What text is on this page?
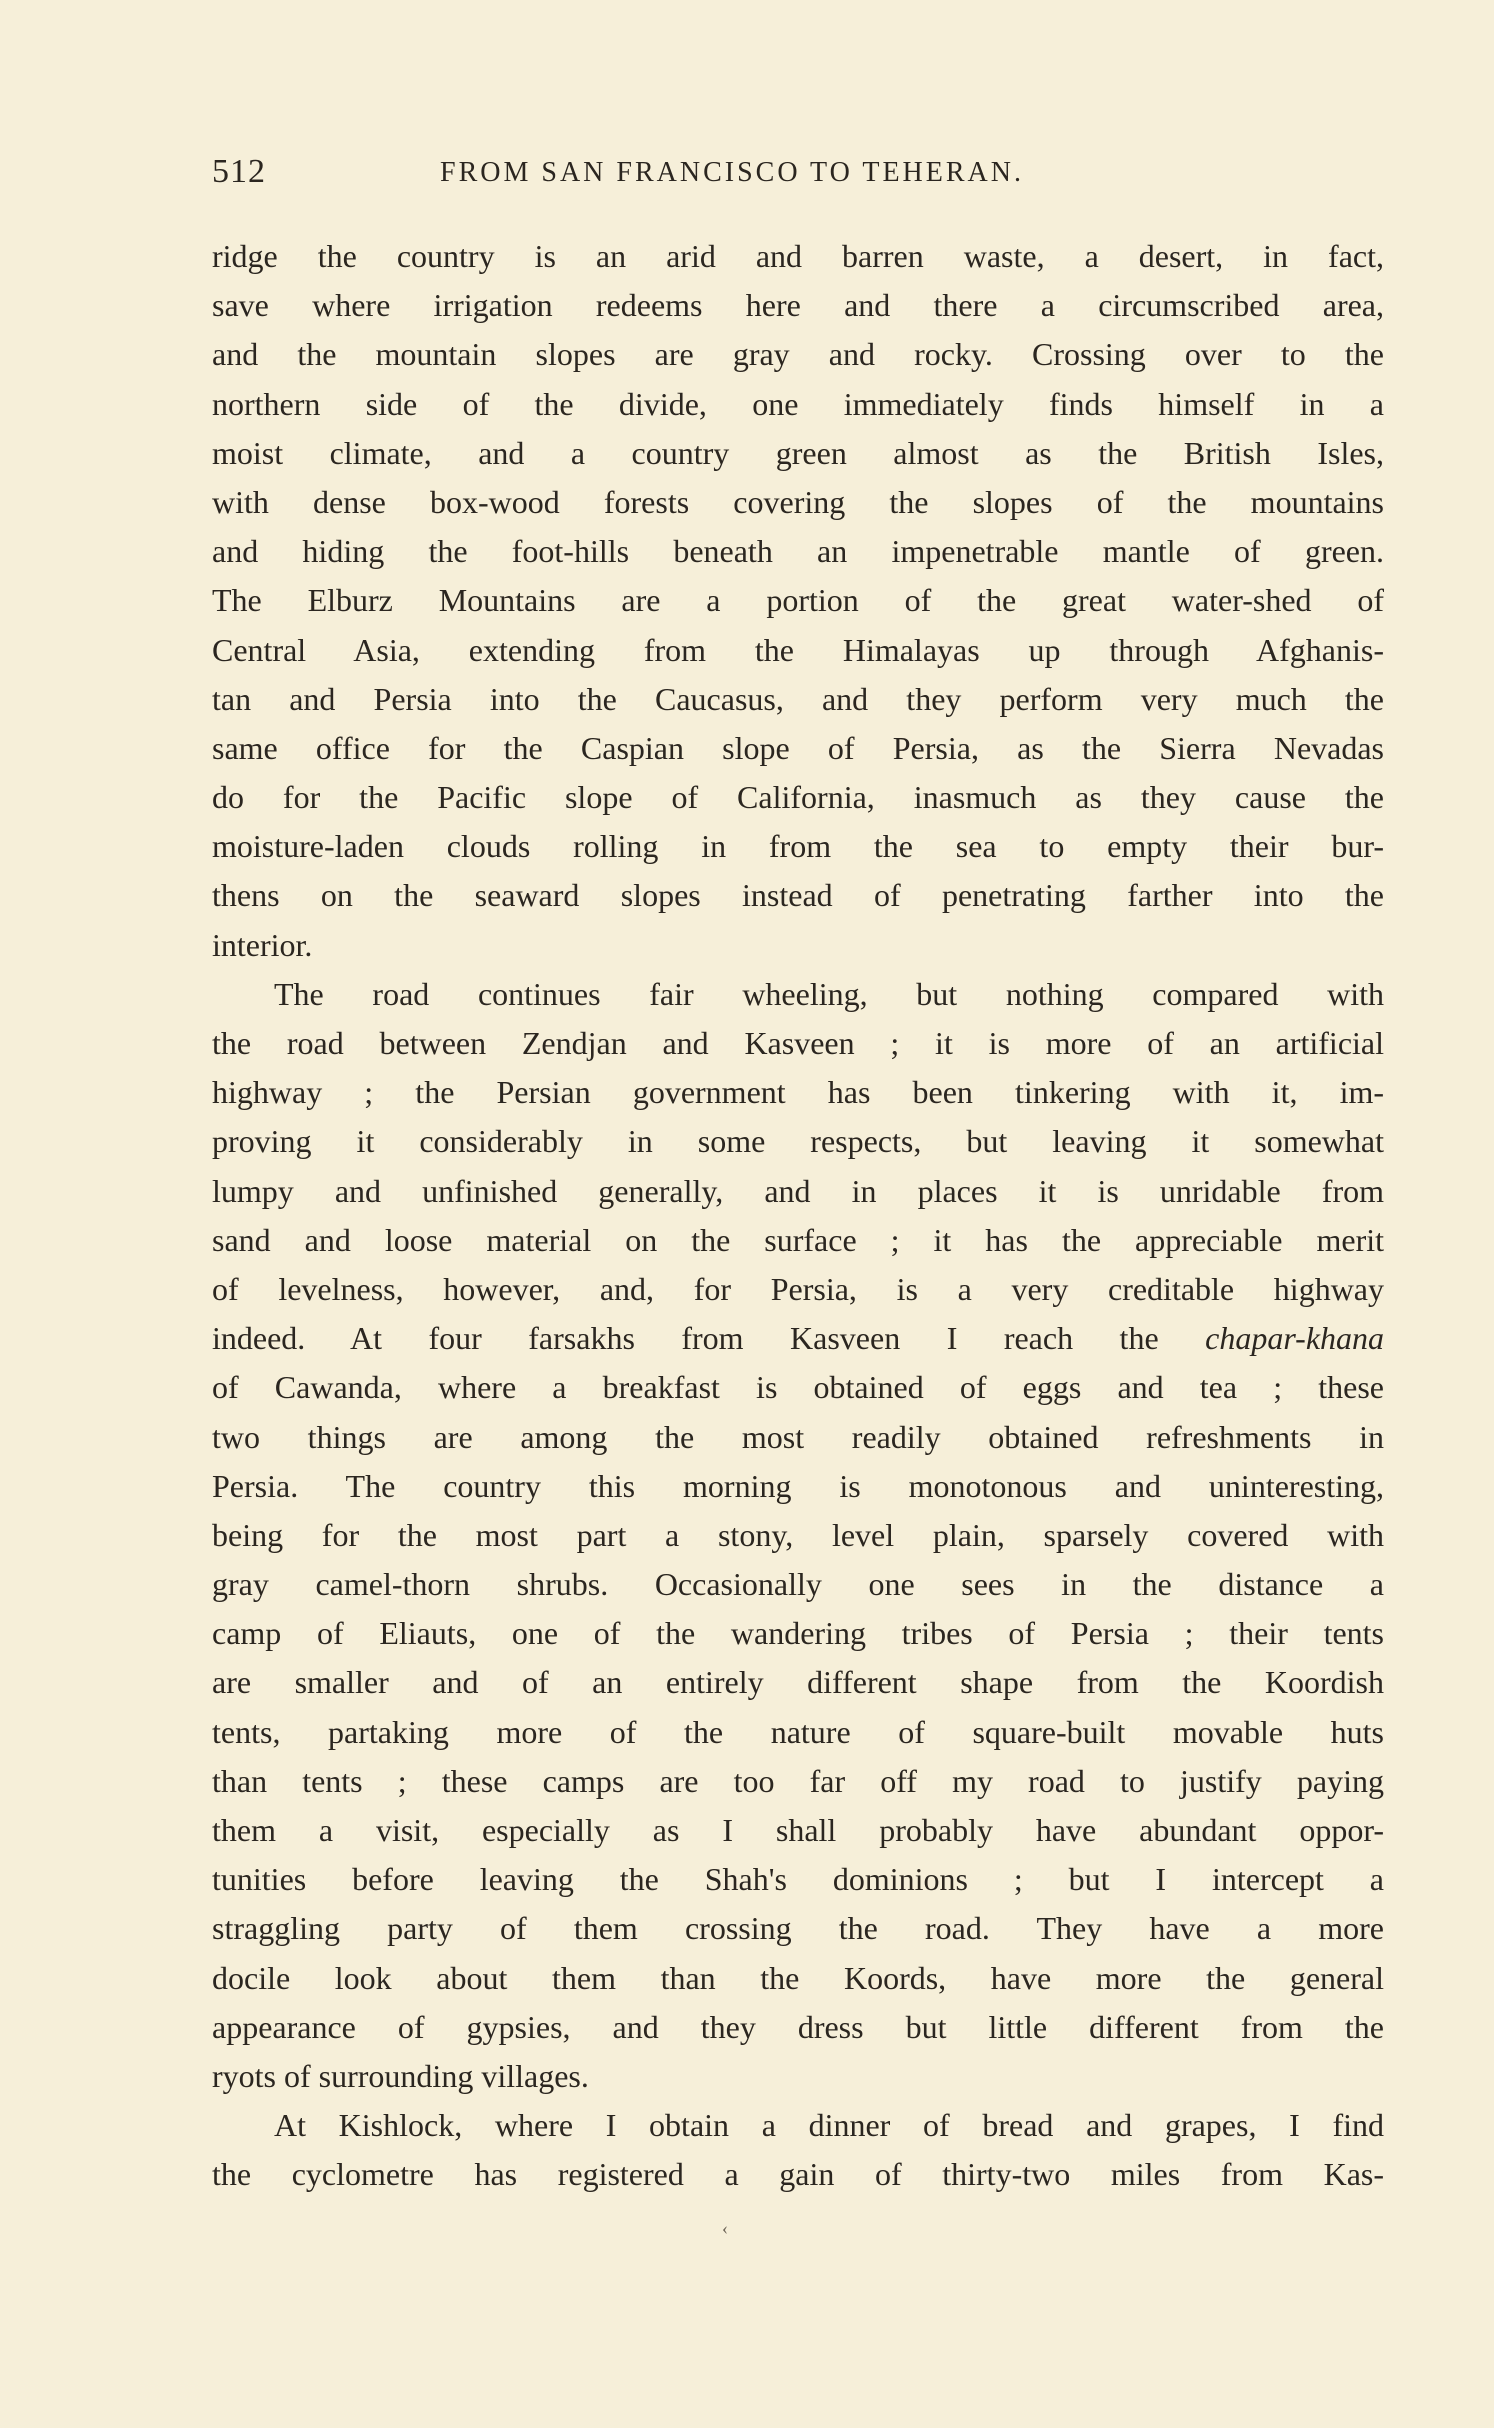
512	FROM SAN FRANCISCO TO TEHERAN.
ridge the country is an arid and barren waste, a desert, in fact,
save where irrigation redeems here and there a circumscribed area,
and the mountain slopes are gray and rocky. Crossing over to the
northern side of the divide, one immediately finds himself in a
moist climate, and a country green almost as the British Isles,
with dense box-wood forests covering the slopes of the mountains
and hiding the foot-hills beneath an impenetrable mantle of green.
The Elburz Mountains are a portion of the great water-shed of
Central Asia, extending from the Himalayas up through Afghanis-
tan and Persia into the Caucasus, and they perform very much the
same office for the Caspian slope of Persia, as the Sierra Nevadas
do for the Pacific slope of California, inasmuch as they cause the
moisture-laden clouds rolling in from the sea to empty their bur-
thens on the seaward slopes instead of penetrating farther into the
interior.
The road continues fair wheeling, but nothing compared with
the road between Zendjan and Kasveen ; it is more of an artificial
highway ; the Persian government has been tinkering with it, im-
proving it considerably in some respects, but leaving it somewhat
lumpy and unfinished generally, and in places it is unridable from
sand and loose material on the surface ; it has the appreciable merit
of levelness, however, and, for Persia, is a very creditable highway
indeed. At four farsakhs from Kasveen I reach the chapar-khana
of Cawanda, where a breakfast is obtained of eggs and tea ; these
two things are among the most readily obtained refreshments in
Persia. The country this morning is monotonous and uninteresting,
being for the most part a stony, level plain, sparsely covered with
gray camel-thorn shrubs. Occasionally one sees in the distance a
camp of Eliauts, one of the wandering tribes of Persia ; their tents
are smaller and of an entirely different shape from the Koordish
tents, partaking more of the nature of square-built movable huts
than tents ; these camps are too far off my road to justify paying
them a visit, especially as I shall probably have abundant oppor-
tunities before leaving the Shah's dominions ; but I intercept a
straggling party of them crossing the road. They have a more
docile look about them than the Koords, have more the general
appearance of gypsies, and they dress but little different from the
ryots of surrounding villages.
At Kishlock, where I obtain a dinner of bread and grapes, I find
the cyclometre has registered a gain of thirty-two miles from Kas-
‹
